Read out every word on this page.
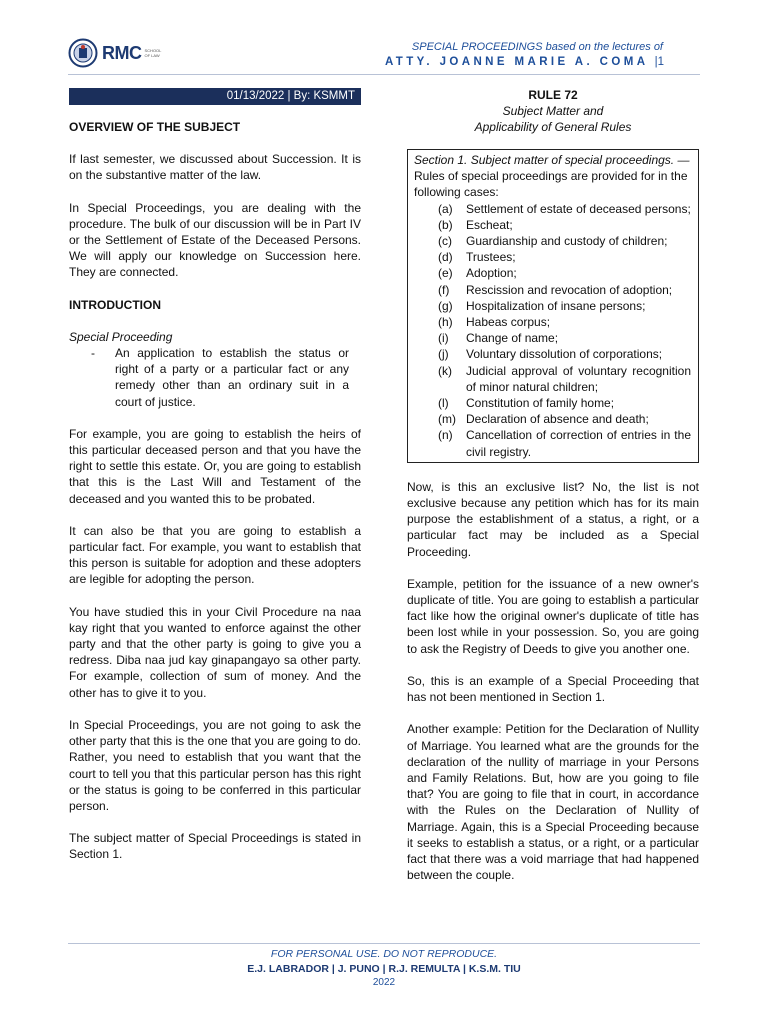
RMC SCHOOL OF LAW
SPECIAL PROCEEDINGS based on the lectures of
ATTY. JOANNE MARIE A. COMA |1
01/13/2022 | By: KSMMT
OVERVIEW OF THE SUBJECT

If last semester, we discussed about Succession. It is on the substantive matter of the law.

In Special Proceedings, you are dealing with the procedure. The bulk of our discussion will be in Part IV or the Settlement of Estate of the Deceased Persons. We will apply our knowledge on Succession here. They are connected.

INTRODUCTION

Special Proceeding

-	An application to establish the status or right of a party or a particular fact or any remedy other than an ordinary suit in a court of justice.

For example, you are going to establish the heirs of this particular deceased person and that you have the right to settle this estate. Or, you are going to establish that this is the Last Will and Testament of the deceased and you wanted this to be probated.

It can also be that you are going to establish a particular fact. For example, you want to establish that this person is suitable for adoption and these adopters are legible for adopting the person.

You have studied this in your Civil Procedure na naa kay right that you wanted to enforce against the other party and that the other party is going to give you a redress. Diba naa jud kay ginapangayo sa other party. For example, collection of sum of money. And the other has to give it to you.

In Special Proceedings, you are not going to ask the other party that this is the one that you are going to do. Rather, you need to establish that you want that the court to tell you that this particular person has this right or the status is going to be conferred in this particular person.

The subject matter of Special Proceedings is stated in Section 1.

RULE 72
Subject Matter and
Applicability of General Rules
Section 1. Subject matter of special proceedings. — Rules of special proceedings are provided for in the following cases:
(a)	Settlement of estate of deceased persons;
(b)	Escheat;
(c)	Guardianship and custody of children;
(d)	Trustees;
(e)	Adoption;
(f)	Rescission and revocation of adoption;
(g)	Hospitalization of insane persons;
(h)	Habeas corpus;
(i)	Change of name;
(j)	Voluntary dissolution of corporations;
(k)	Judicial approval of voluntary recognition of minor natural children;
(l)	Constitution of family home;
(m) Declaration of absence and death;
(n)	Cancellation of correction of entries in the civil registry.

Now, is this an exclusive list? No, the list is not exclusive because any petition which has for its main purpose the establishment of a status, a right, or a particular fact may be included as a Special Proceeding.

Example, petition for the issuance of a new owner's duplicate of title. You are going to establish a particular fact like how the original owner's duplicate of title has been lost while in your possession. So, you are going to ask the Registry of Deeds to give you another one.

So, this is an example of a Special Proceeding that has not been mentioned in Section 1.

Another example: Petition for the Declaration of Nullity of Marriage. You learned what are the grounds for the declaration of the nullity of marriage in your Persons and Family Relations. But, how are you going to file that? You are going to file that in court, in accordance with the Rules on the Declaration of Nullity of Marriage. Again, this is a Special Proceeding because it seeks to establish a status, or a right, or a particular fact that there was a void marriage that had happened between the couple.

FOR PERSONAL USE. DO NOT REPRODUCE.
E.J. LABRADOR | J. PUNO | R.J. REMULTA | K.S.M. TIU
2022
